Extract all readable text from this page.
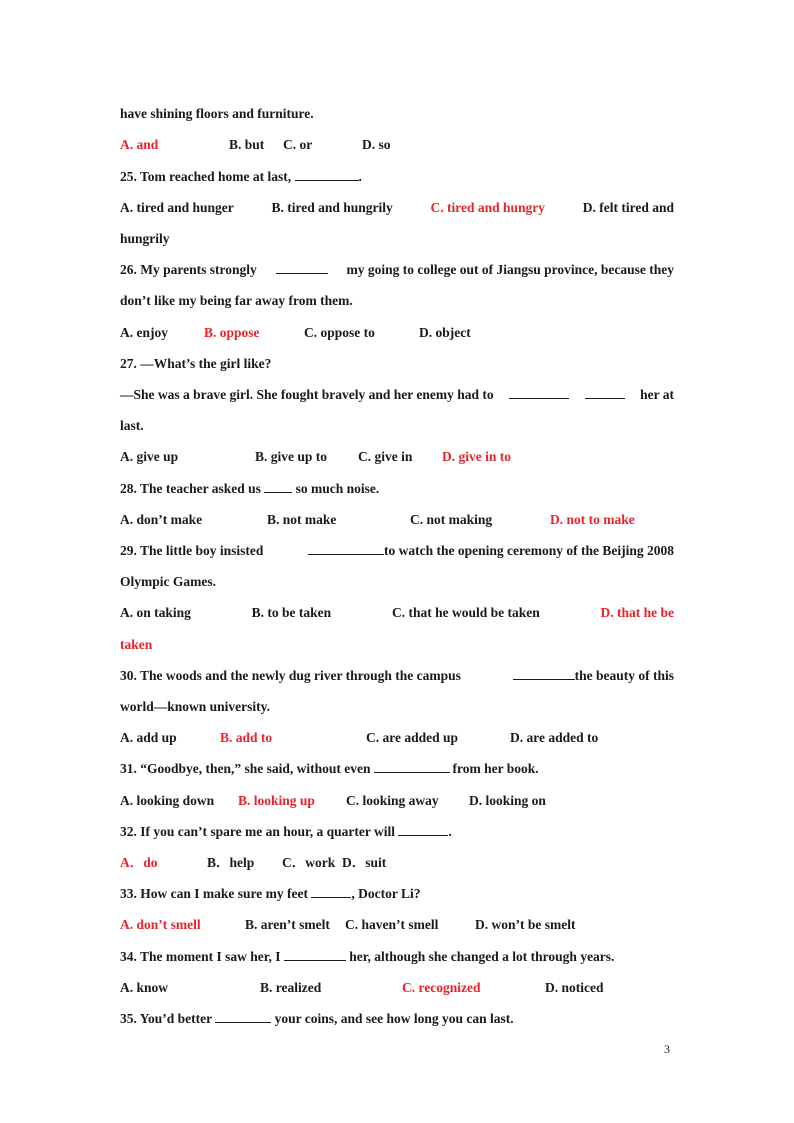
have shining floors and furniture.
A. and	B. but C. or	D. so
25. Tom reached home at last,	.
A. tired and hunger	B. tired and hungrily	C. tired and hungry	D. felt tired and
hungrily
26. My parents strongly	my going to college out of Jiangsu province, because they
don’t like my being far away from them.
A. enjoy	B. oppose	C. oppose to	D. object
27. —What’s the girl like?
—She was a brave girl. She fought bravely and her enemy had to	her at
last.
A. give up	B. give up to C. give in D. give in to
28. The teacher asked us	so much noise.
A. don’t make	B. not make	C. not making	D. not to make
29. The little boy insisted	to watch the opening ceremony of the Beijing 2008
Olympic Games.
A. on taking	B. to be taken	C. that he would be taken	D. that he be
taken
30. The woods and the newly dug river through the campus	the beauty of this
world—known university.
A. add up	B. add to	C. are added up	D. are added to
31. “Goodbye, then,” she said, without even	from her book.
A. looking down B. looking up C. looking away D. looking on
32. If you can’t spare me an hour, a quarter will	.
A．do	B．help C．work D．suit
33. How can I make sure my feet	, Doctor Li?
A. don’t smell	B. aren’t smelt C. haven’t smell	D. won’t be smelt
34. The moment I saw her, I	her, although she changed a lot through years.
A. know	B. realized	C. recognized	D. noticed
35. You’d better	your coins, and see how long you can last.
3
